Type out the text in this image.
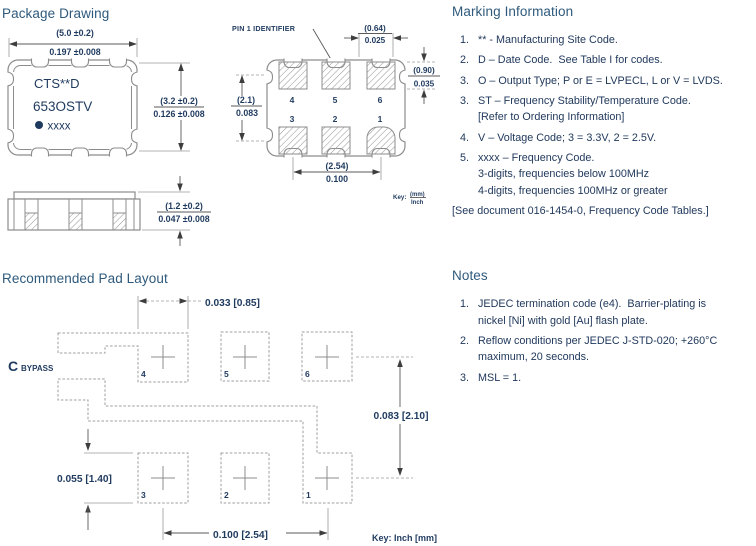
Package Drawing
(5.0 ±0.2)
0.197 ±0.008
CTS**D
653OSTV
xxxx
(3.2 ±0.2)
0.126 ±0.008
(1.2 ±0.2)
0.047 ±0.008
PIN 1 IDENTIFIER
4	5	6
3	2	1
(2.1)
0.083
(0.64)
0.025
(0.90)
0.035
(2.54)
0.100
Key: (mm)
Inch
Marking Information
1. ** - Manufacturing Site Code.
2. D – Date Code.  See Table I for codes.
3. O – Output Type; P or E = LVPECL, L or V = LVDS.
3. ST – Frequency Stability/Temperature Code.
[Refer to Ordering Information]
4. V – Voltage Code; 3 = 3.3V, 2 = 2.5V.
5. xxxx – Frequency Code.
3-digits, frequencies below 100MHz
4-digits, frequencies 100MHz or greater
[See document 016-1454-0, Frequency Code Tables.]
Recommended Pad Layout
4	5	6
3	2	1
C BYPASS
0.033 [0.85]
0.083 [2.10]
0.055 [1.40]
0.100 [2.54]	Key: Inch [mm]
Notes
1. JEDEC termination code (e4).  Barrier-plating is
nickel [Ni] with gold [Au] flash plate.
2. Reflow conditions per JEDEC J-STD-020; +260°C
maximum, 20 seconds.
3. MSL = 1.
